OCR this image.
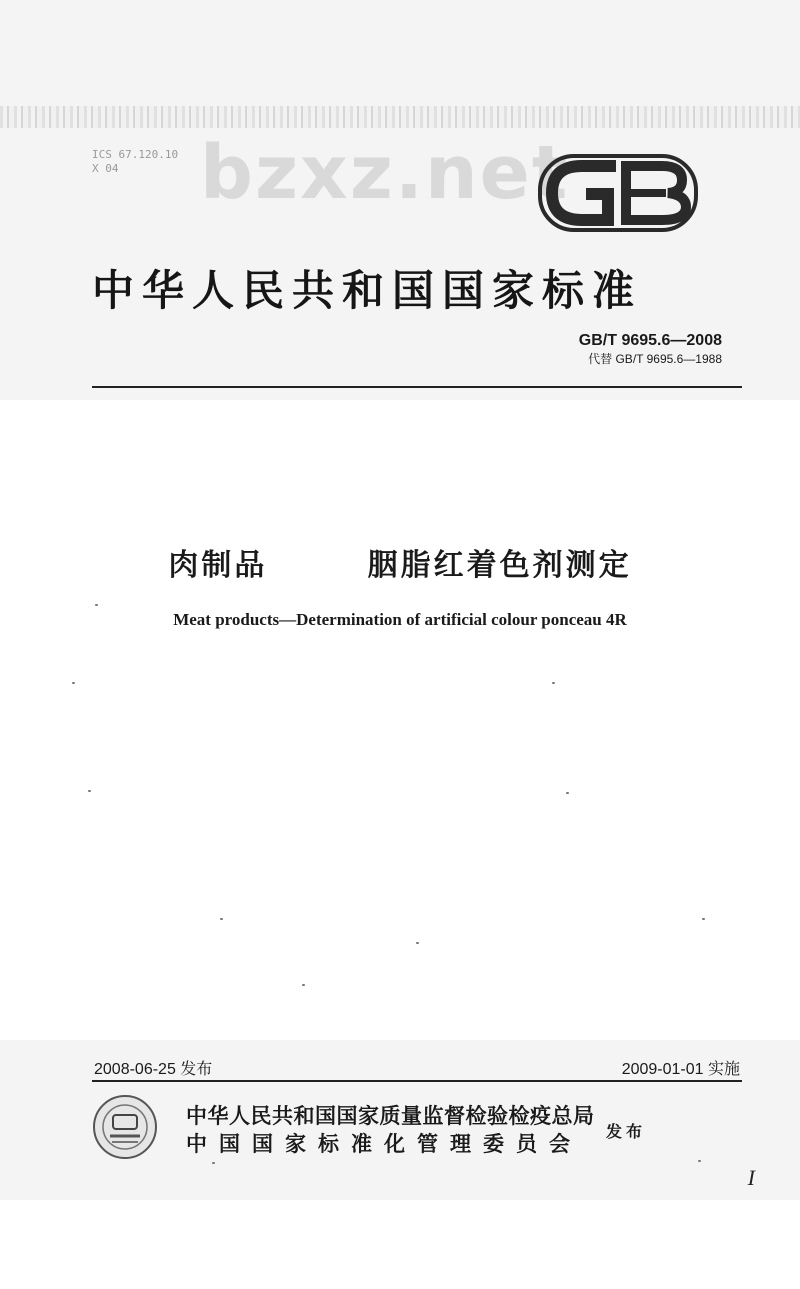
ICS 67.120.10
X 04	bzxz.net
中华人民共和国国家标准
GB/T 9695.6—2008
代替 GB/T 9695.6—1988
肉制品   胭脂红着色剂测定
Meat products—Determination of artificial colour ponceau 4R
2008-06-25 发布	2009-01-01 实施
中华人民共和国国家质量监督检验检疫总局
中国国家标准化管理委员会 发布
I
